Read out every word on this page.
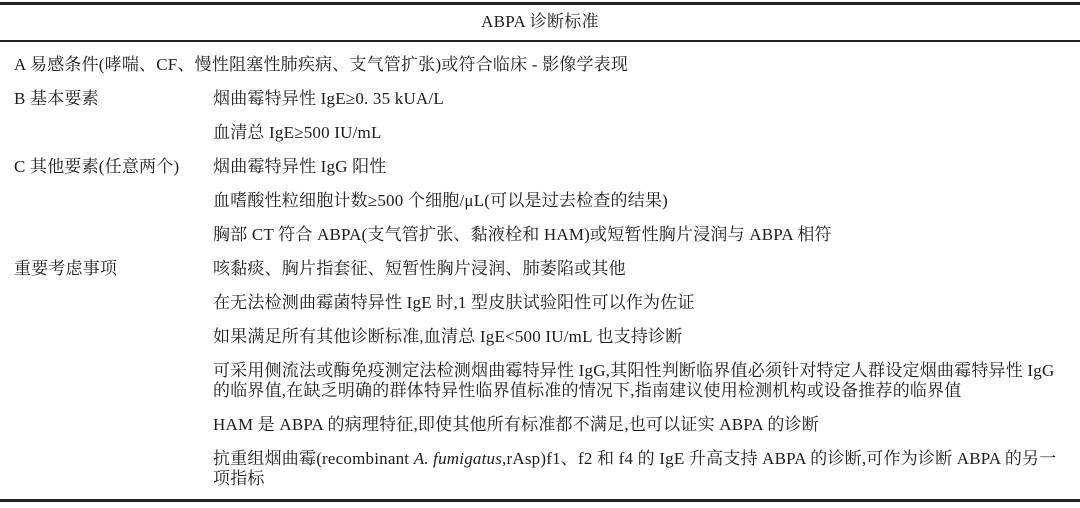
ABPA 诊断标准
A 易感条件(哮喘、CF、慢性阻塞性肺疾病、支气管扩张)或符合临床 - 影像学表现
B 基本要素	烟曲霉特异性 IgE≥0. 35 kUA/L
血清总 IgE≥500 IU/mL
C 其他要素(任意两个)	烟曲霉特异性 IgG 阳性
血嗜酸性粒细胞计数≥500 个细胞/μL(可以是过去检查的结果)
胸部 CT 符合 ABPA(支气管扩张、黏液栓和 HAM)或短暂性胸片浸润与 ABPA 相符
重要考虑事项	咳黏痰、胸片指套征、短暂性胸片浸润、肺萎陷或其他
在无法检测曲霉菌特异性 IgE 时,1 型皮肤试验阳性可以作为佐证
如果满足所有其他诊断标准,血清总 IgE<500 IU/mL 也支持诊断
可采用侧流法或酶免疫测定法检测烟曲霉特异性 IgG,其阳性判断临界值必须针对特定人群设定烟曲霉特异性 IgG 的临界值,在缺乏明确的群体特异性临界值标准的情况下,指南建议使用检测机构或设备推荐的临界值
HAM 是 ABPA 的病理特征,即使其他所有标准都不满足,也可以证实 ABPA 的诊断
抗重组烟曲霉(recombinant A. fumigatus,rAsp)f1、f2 和 f4 的 IgE 升高支持 ABPA 的诊断,可作为诊断 ABPA 的另一项指标
